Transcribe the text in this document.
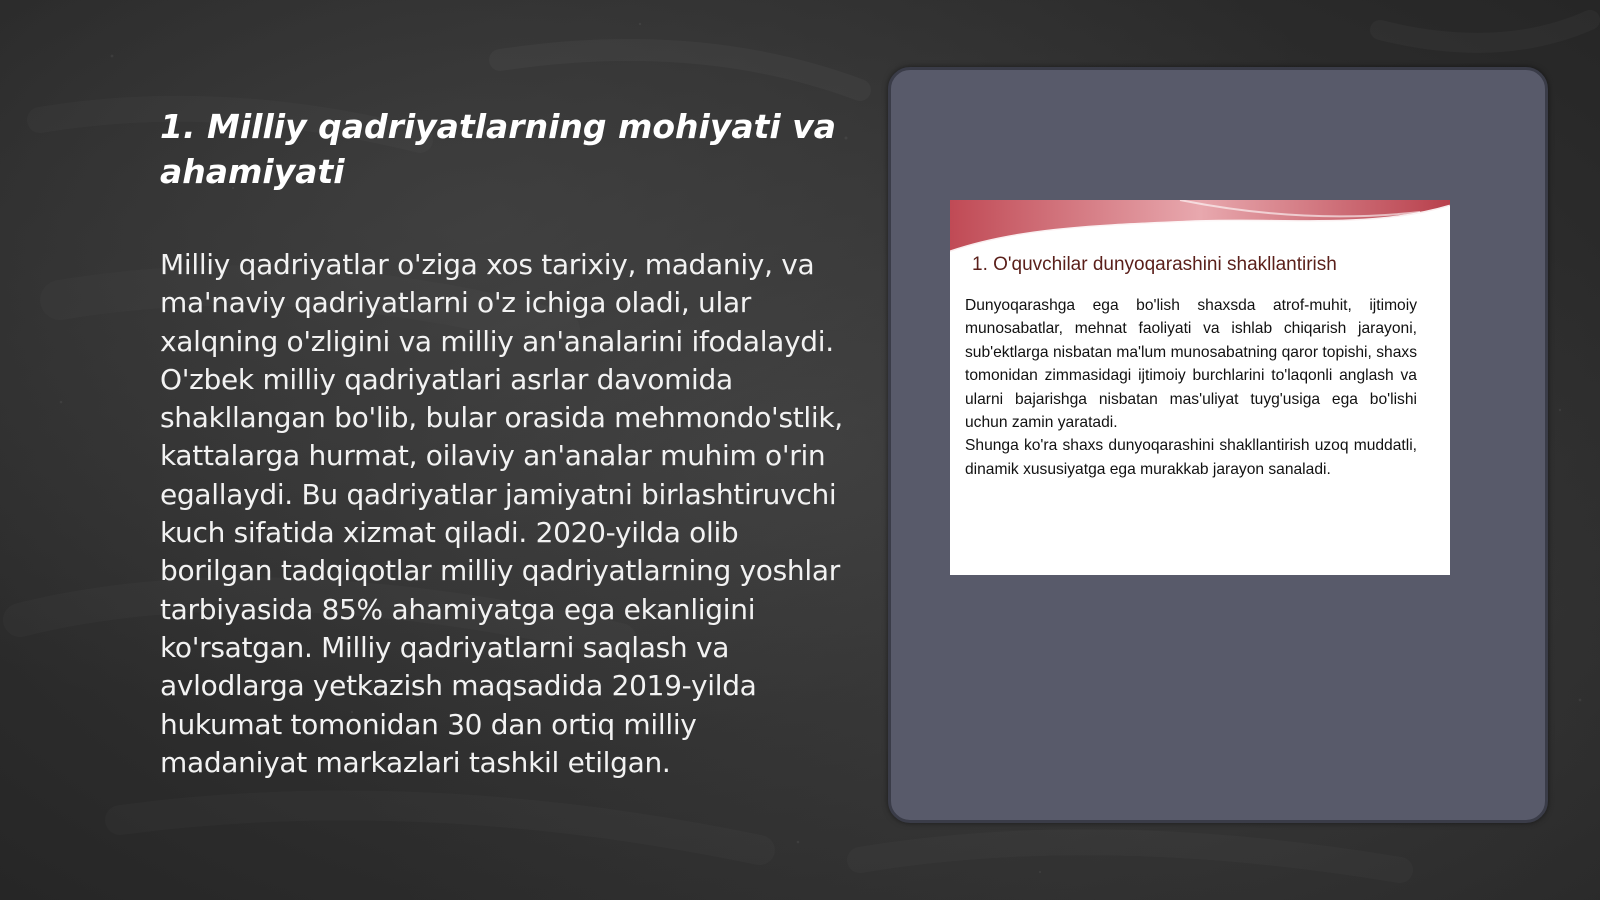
1. Milliy qadriyatlarning mohiyati va ahamiyati

Milliy qadriyatlar o'ziga xos tarixiy, madaniy, va ma'naviy qadriyatlarni o'z ichiga oladi, ular xalqning o'zligini va milliy an'analarini ifodalaydi. O'zbek milliy qadriyatlari asrlar davomida shakllangan bo'lib, bular orasida mehmondo'stlik, kattalarga hurmat, oilaviy an'analar muhim o'rin egallaydi. Bu qadriyatlar jamiyatni birlashtiruvchi kuch sifatida xizmat qiladi. 2020-yilda olib borilgan tadqiqotlar milliy qadriyatlarning yoshlar tarbiyasida 85% ahamiyatga ega ekanligini ko'rsatgan. Milliy qadriyatlarni saqlash va avlodlarga yetkazish maqsadida 2019-yilda hukumat tomonidan 30 dan ortiq milliy madaniyat markazlari tashkil etilgan.

1. O'quvchilar dunyoqarashini shakllantirish

Dunyoqarashga ega bo'lish shaxsda atrof-muhit, ijtimoiy munosabatlar, mehnat faoliyati va ishlab chiqarish jarayoni, sub'ektlarga nisbatan ma'lum munosabatning qaror topishi, shaxs tomonidan zimmasidagi ijtimoiy burchlarini to'laqonli anglash va ularni bajarishga nisbatan mas'uliyat tuyg'usiga ega bo'lishi uchun zamin yaratadi.

Shunga ko'ra shaxs dunyoqarashini shakllantirish uzoq muddatli, dinamik xususiyatga ega murakkab jarayon sanaladi.
